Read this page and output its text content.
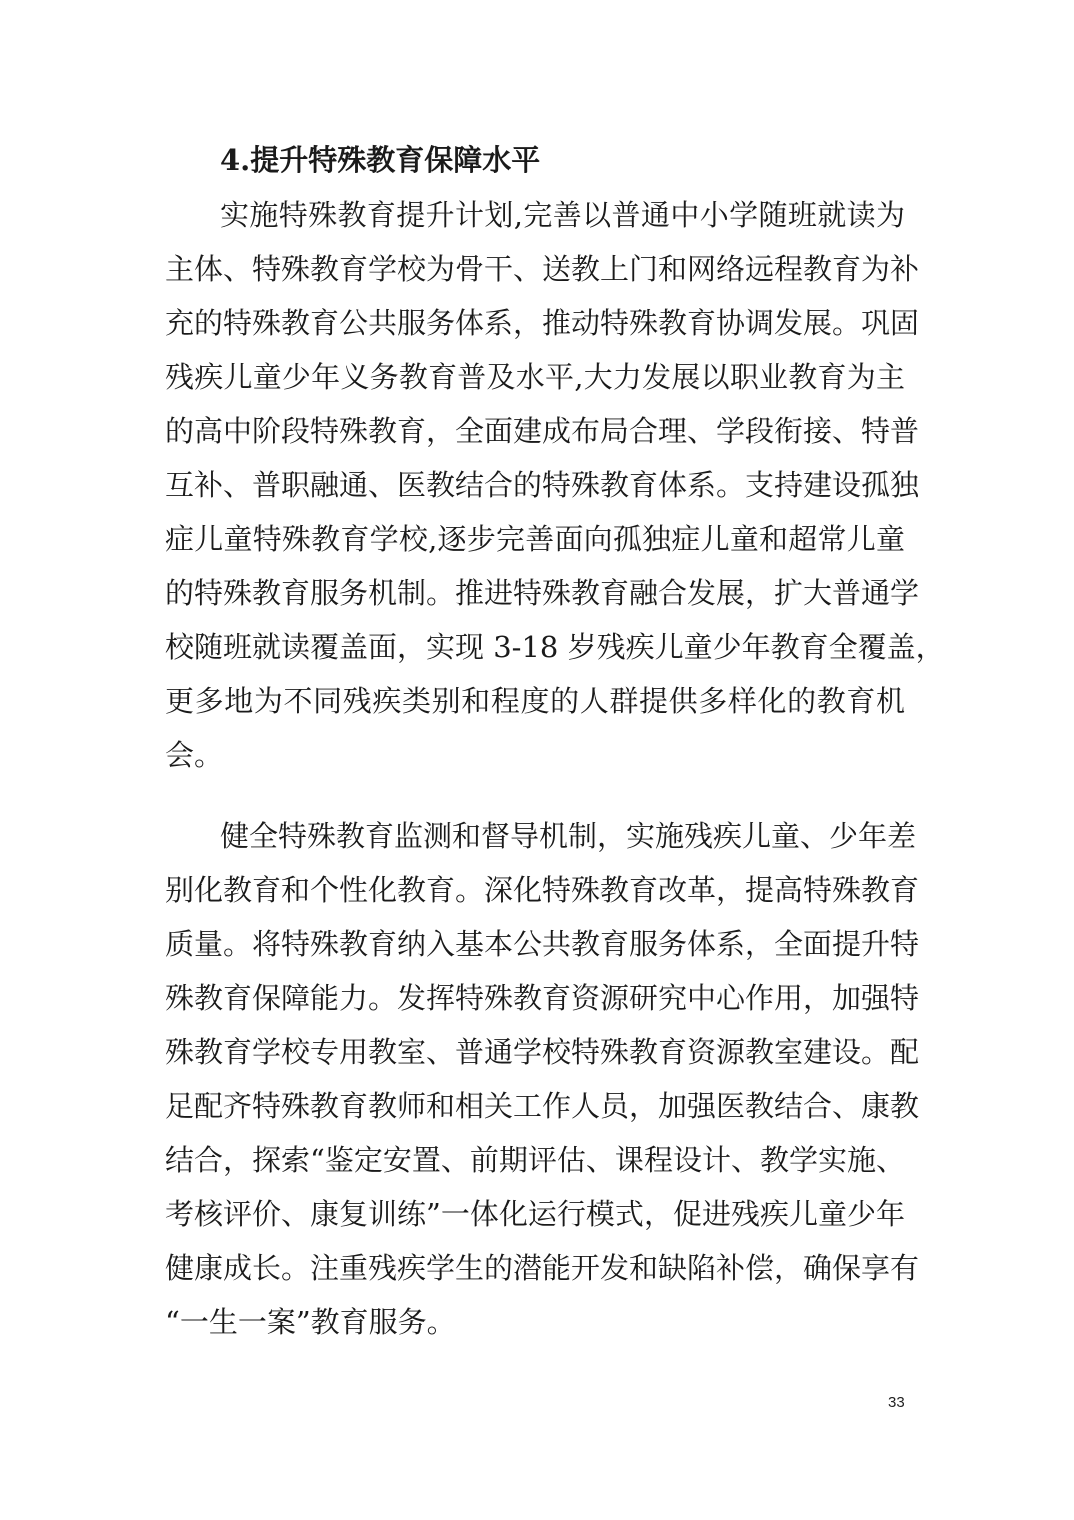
4.提升特殊教育保障水平
实施特殊教育提升计划,完善以普通中小学随班就读为
主体、特殊教育学校为骨干、送教上门和网络远程教育为补
充的特殊教育公共服务体系，推动特殊教育协调发展。巩固
残疾儿童少年义务教育普及水平,大力发展以职业教育为主
的高中阶段特殊教育，全面建成布局合理、学段衔接、特普
互补、普职融通、医教结合的特殊教育体系。支持建设孤独
症儿童特殊教育学校,逐步完善面向孤独症儿童和超常儿童
的特殊教育服务机制。推进特殊教育融合发展，扩大普通学
校随班就读覆盖面，实现 3-18 岁残疾儿童少年教育全覆盖，
更多地为不同残疾类别和程度的人群提供多样化的教育机
会。
健全特殊教育监测和督导机制，实施残疾儿童、少年差
别化教育和个性化教育。深化特殊教育改革，提高特殊教育
质量。将特殊教育纳入基本公共教育服务体系，全面提升特
殊教育保障能力。发挥特殊教育资源研究中心作用，加强特
殊教育学校专用教室、普通学校特殊教育资源教室建设。配
足配齐特殊教育教师和相关工作人员，加强医教结合、康教
结合，探索“鉴定安置、前期评估、课程设计、教学实施、
考核评价、康复训练”一体化运行模式，促进残疾儿童少年
健康成长。注重残疾学生的潜能开发和缺陷补偿，确保享有
“一生一案”教育服务。
33
